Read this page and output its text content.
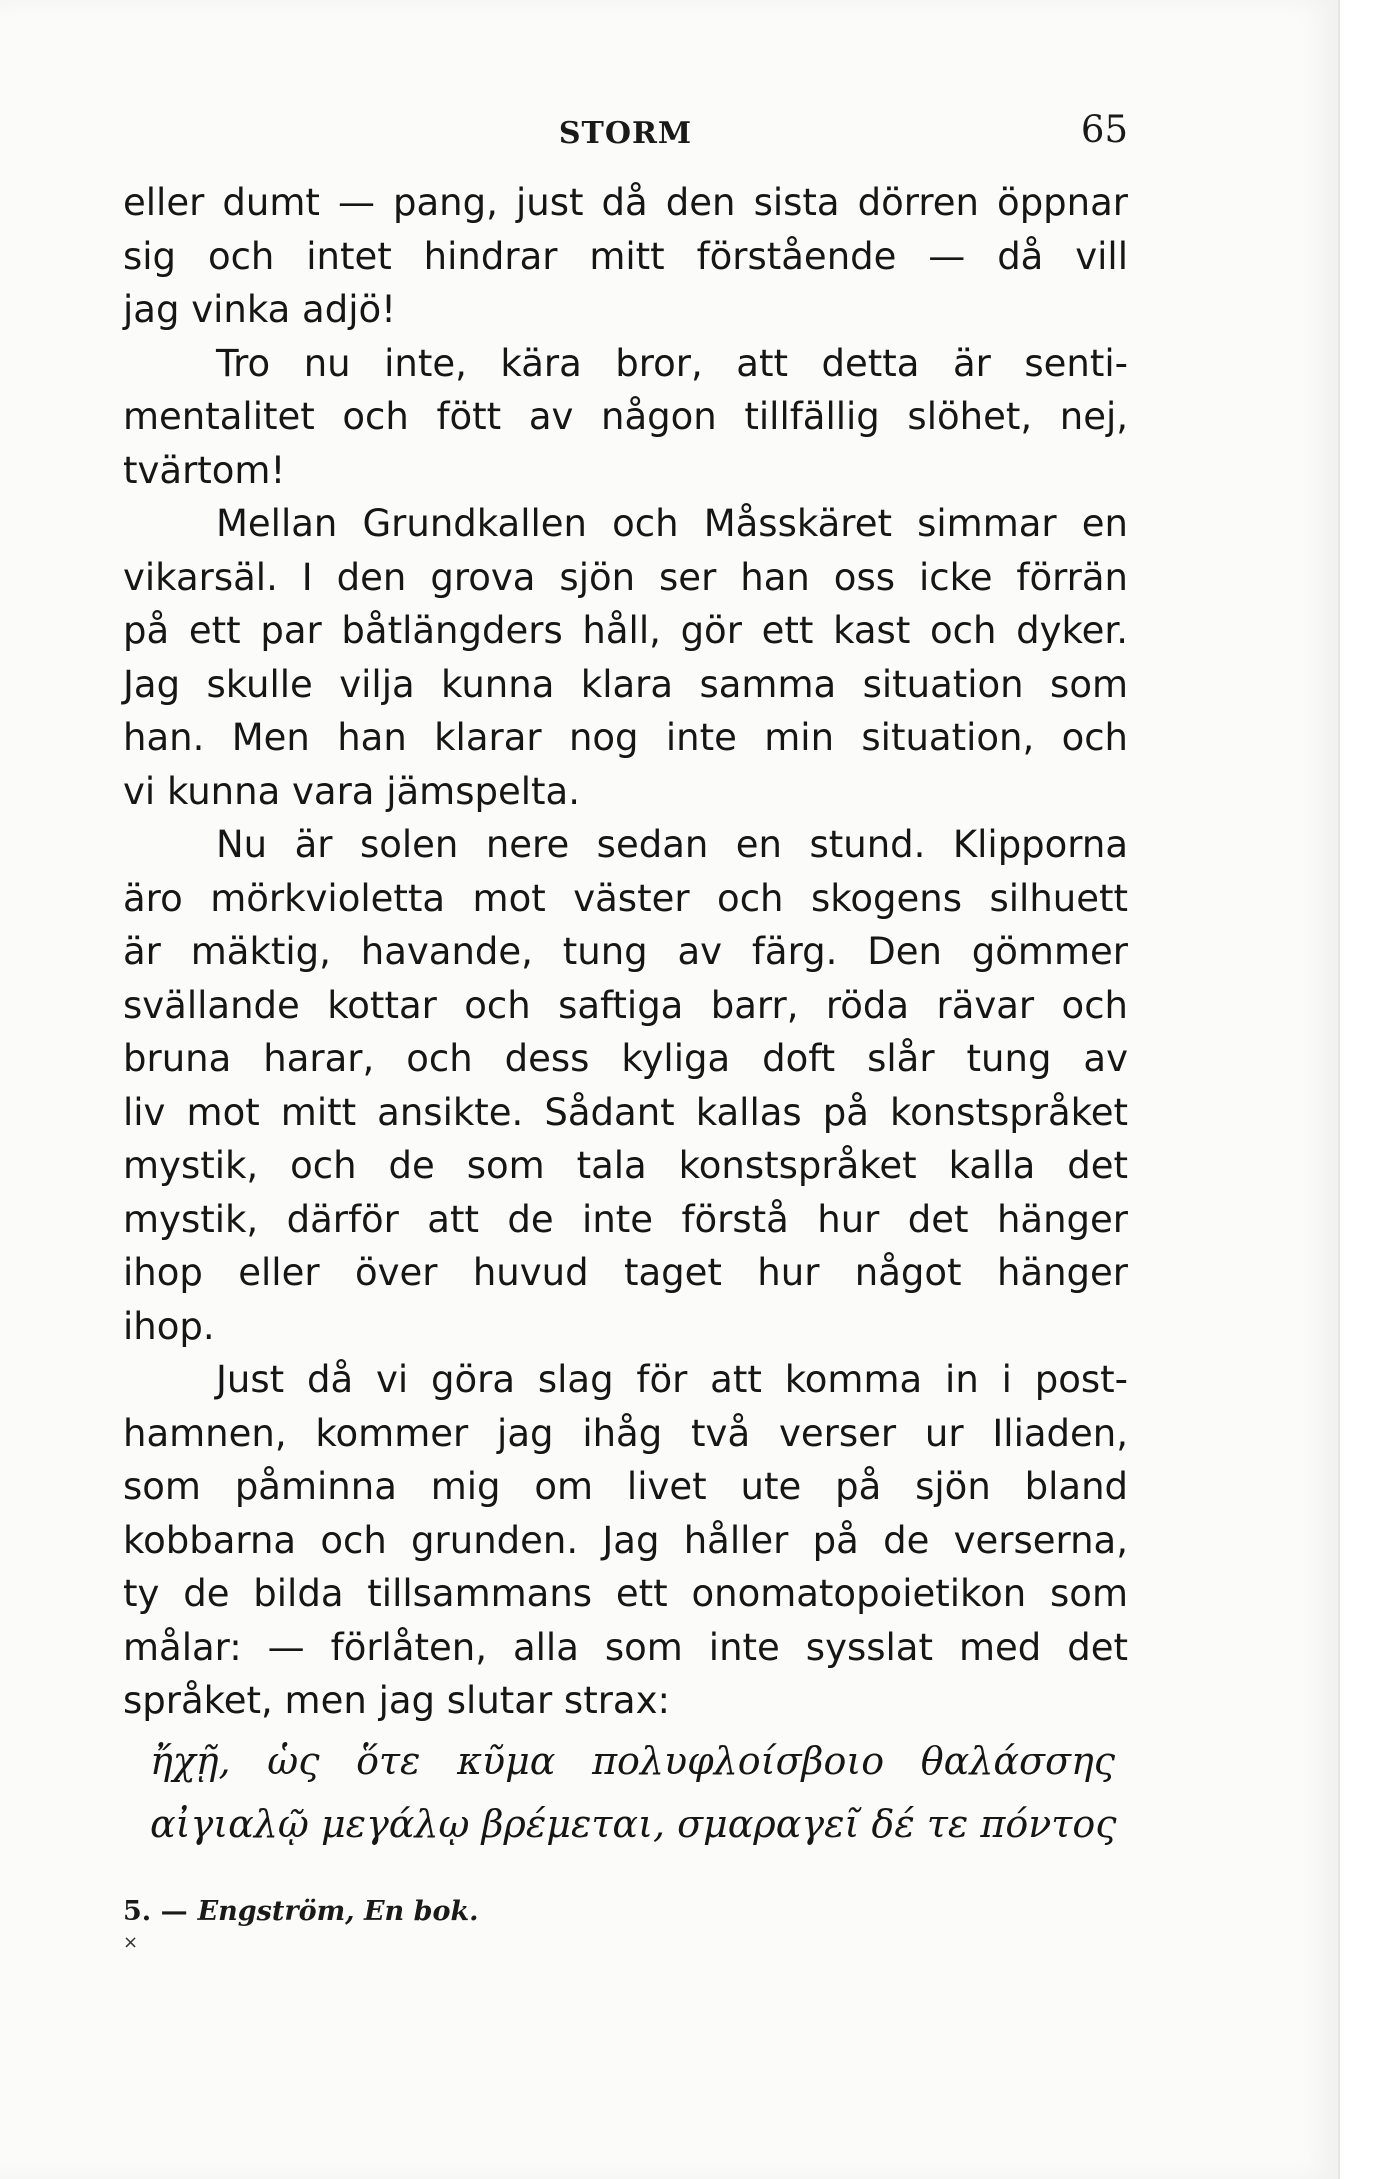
STORM	65
eller dumt — pang, just då den sista dörren öppnar
sig och intet hindrar mitt förstående — då vill
jag vinka adjö!
Tro nu inte, kära bror, att detta är senti-
mentalitet och fött av någon tillfällig slöhet, nej,
tvärtom!
Mellan Grundkallen och Måsskäret simmar en
vikarsäl. I den grova sjön ser han oss icke förrän
på ett par båtlängders håll, gör ett kast och dyker.
Jag skulle vilja kunna klara samma situation som
han. Men han klarar nog inte min situation, och
vi kunna vara jämspelta.
Nu är solen nere sedan en stund. Klipporna
äro mörkvioletta mot väster och skogens silhuett
är mäktig, havande, tung av färg. Den gömmer
svällande kottar och saftiga barr, röda rävar och
bruna harar, och dess kyliga doft slår tung av
liv mot mitt ansikte. Sådant kallas på konstspråket
mystik, och de som tala konstspråket kalla det
mystik, därför att de inte förstå hur det hänger
ihop eller över huvud taget hur något hänger
ihop.
Just då vi göra slag för att komma in i post-
hamnen, kommer jag ihåg två verser ur Iliaden,
som påminna mig om livet ute på sjön bland
kobbarna och grunden. Jag håller på de verserna,
ty de bilda tillsammans ett onomatopoietikon som
målar: — förlåten, alla som inte sysslat med det
språket, men jag slutar strax:
ἤχῇ, ὡς ὅτε κῦμα πολυφλοίσβοιο θαλάσσης
αἰγιαλῷ μεγάλῳ βρέμεται, σμαραγεῖ δέ τε πόντος
5. — Engström, En bok.
×
